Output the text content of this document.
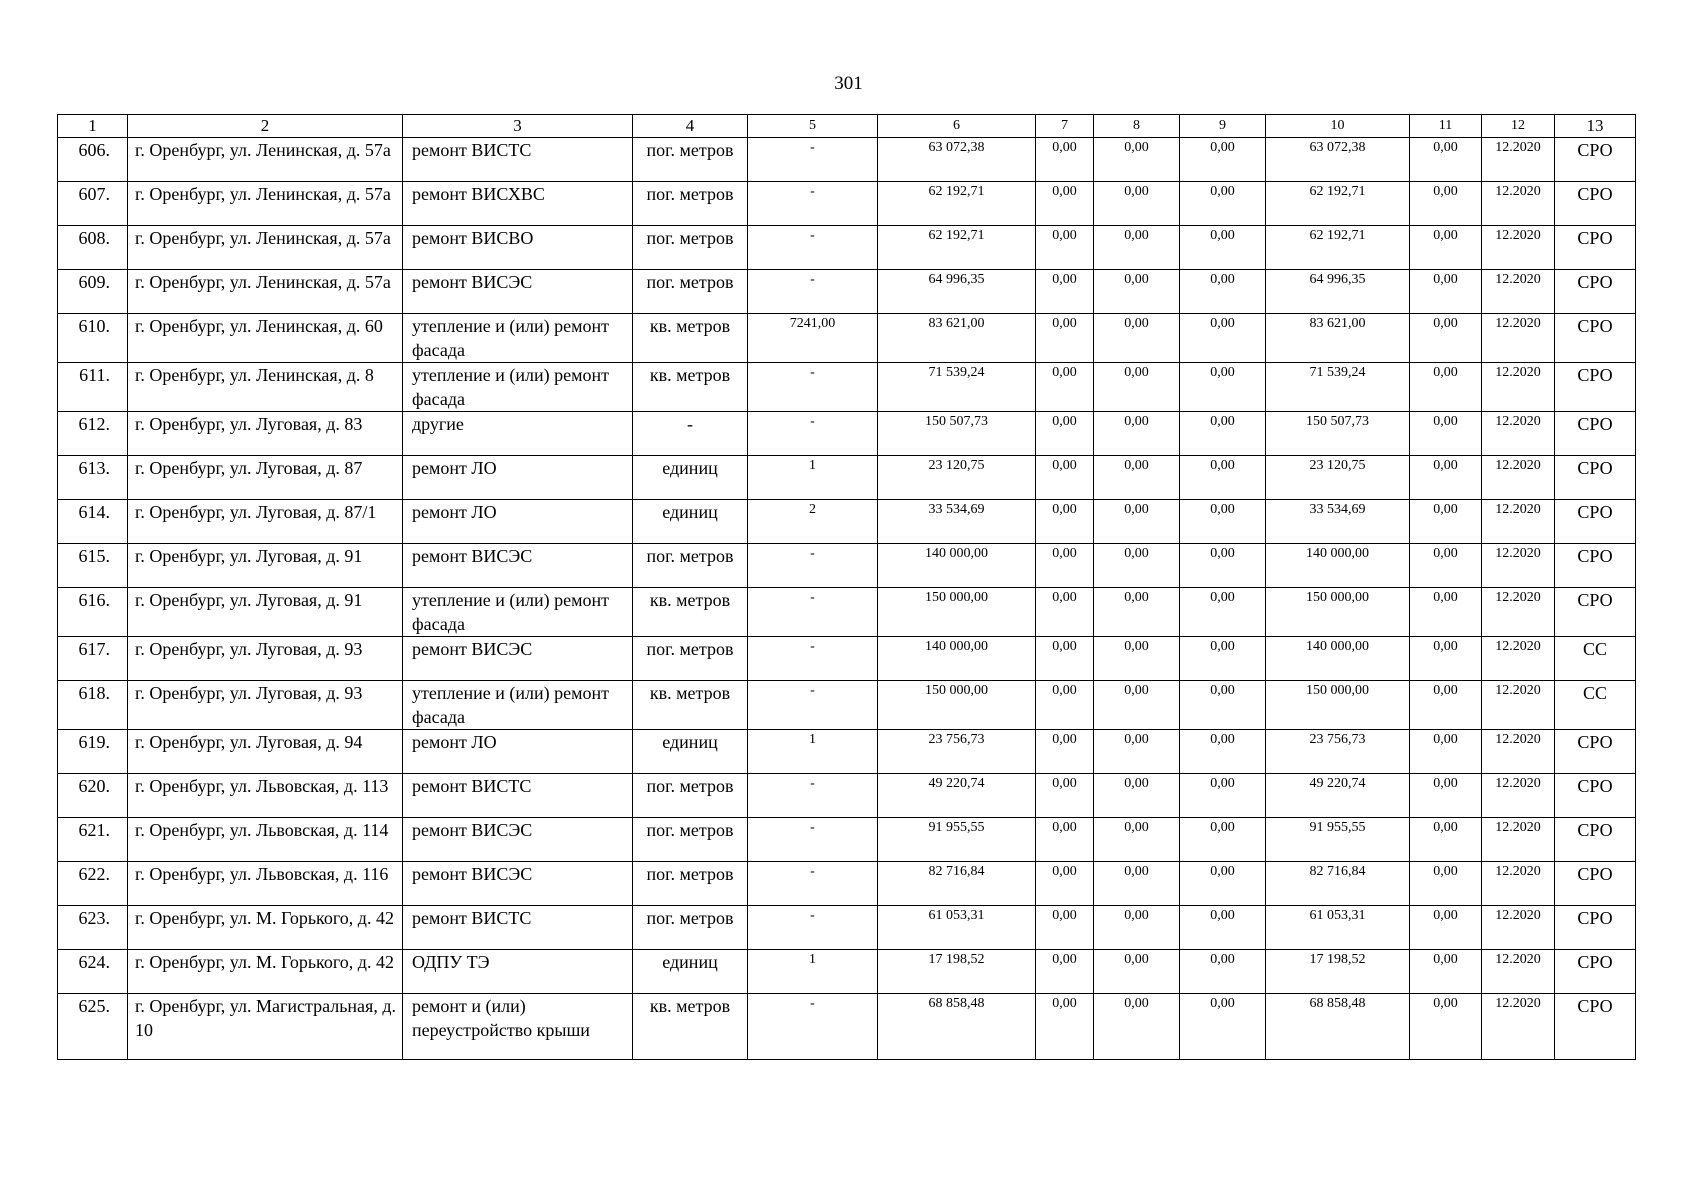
301
1	2	3	4	5	6	7	8	9	10	11	12	13
606.	г. Оренбург, ул. Ленинская, д. 57а	ремонт ВИСТС	пог. метров	-	63 072,38	0,00	0,00	0,00	63 072,38	0,00	12.2020	СРО
607.	г. Оренбург, ул. Ленинская, д. 57а	ремонт ВИСХВС	пог. метров	-	62 192,71	0,00	0,00	0,00	62 192,71	0,00	12.2020	СРО
608.	г. Оренбург, ул. Ленинская, д. 57а	ремонт ВИСВО	пог. метров	-	62 192,71	0,00	0,00	0,00	62 192,71	0,00	12.2020	СРО
609.	г. Оренбург, ул. Ленинская, д. 57а	ремонт ВИСЭС	пог. метров	-	64 996,35	0,00	0,00	0,00	64 996,35	0,00	12.2020	СРО
610.	г. Оренбург, ул. Ленинская, д. 60	утепление и (или) ремонт фасада	кв. метров	7241,00	83 621,00	0,00	0,00	0,00	83 621,00	0,00	12.2020	СРО
611.	г. Оренбург, ул. Ленинская, д. 8	утепление и (или) ремонт фасада	кв. метров	-	71 539,24	0,00	0,00	0,00	71 539,24	0,00	12.2020	СРО
612.	г. Оренбург, ул. Луговая, д. 83	другие	-	-	150 507,73	0,00	0,00	0,00	150 507,73	0,00	12.2020	СРО
613.	г. Оренбург, ул. Луговая, д. 87	ремонт ЛО	единиц	1	23 120,75	0,00	0,00	0,00	23 120,75	0,00	12.2020	СРО
614.	г. Оренбург, ул. Луговая, д. 87/1	ремонт ЛО	единиц	2	33 534,69	0,00	0,00	0,00	33 534,69	0,00	12.2020	СРО
615.	г. Оренбург, ул. Луговая, д. 91	ремонт ВИСЭС	пог. метров	-	140 000,00	0,00	0,00	0,00	140 000,00	0,00	12.2020	СРО
616.	г. Оренбург, ул. Луговая, д. 91	утепление и (или) ремонт фасада	кв. метров	-	150 000,00	0,00	0,00	0,00	150 000,00	0,00	12.2020	СРО
617.	г. Оренбург, ул. Луговая, д. 93	ремонт ВИСЭС	пог. метров	-	140 000,00	0,00	0,00	0,00	140 000,00	0,00	12.2020	СС
618.	г. Оренбург, ул. Луговая, д. 93	утепление и (или) ремонт фасада	кв. метров	-	150 000,00	0,00	0,00	0,00	150 000,00	0,00	12.2020	СС
619.	г. Оренбург, ул. Луговая, д. 94	ремонт ЛО	единиц	1	23 756,73	0,00	0,00	0,00	23 756,73	0,00	12.2020	СРО
620.	г. Оренбург, ул. Львовская, д. 113	ремонт ВИСТС	пог. метров	-	49 220,74	0,00	0,00	0,00	49 220,74	0,00	12.2020	СРО
621.	г. Оренбург, ул. Львовская, д. 114	ремонт ВИСЭС	пог. метров	-	91 955,55	0,00	0,00	0,00	91 955,55	0,00	12.2020	СРО
622.	г. Оренбург, ул. Львовская, д. 116	ремонт ВИСЭС	пог. метров	-	82 716,84	0,00	0,00	0,00	82 716,84	0,00	12.2020	СРО
623.	г. Оренбург, ул. М. Горького, д. 42	ремонт ВИСТС	пог. метров	-	61 053,31	0,00	0,00	0,00	61 053,31	0,00	12.2020	СРО
624.	г. Оренбург, ул. М. Горького, д. 42	ОДПУ ТЭ	единиц	1	17 198,52	0,00	0,00	0,00	17 198,52	0,00	12.2020	СРО
625.	г. Оренбург, ул. Магистральная, д. 10	ремонт и (или) переустройство крыши	кв. метров	-	68 858,48	0,00	0,00	0,00	68 858,48	0,00	12.2020	СРО
